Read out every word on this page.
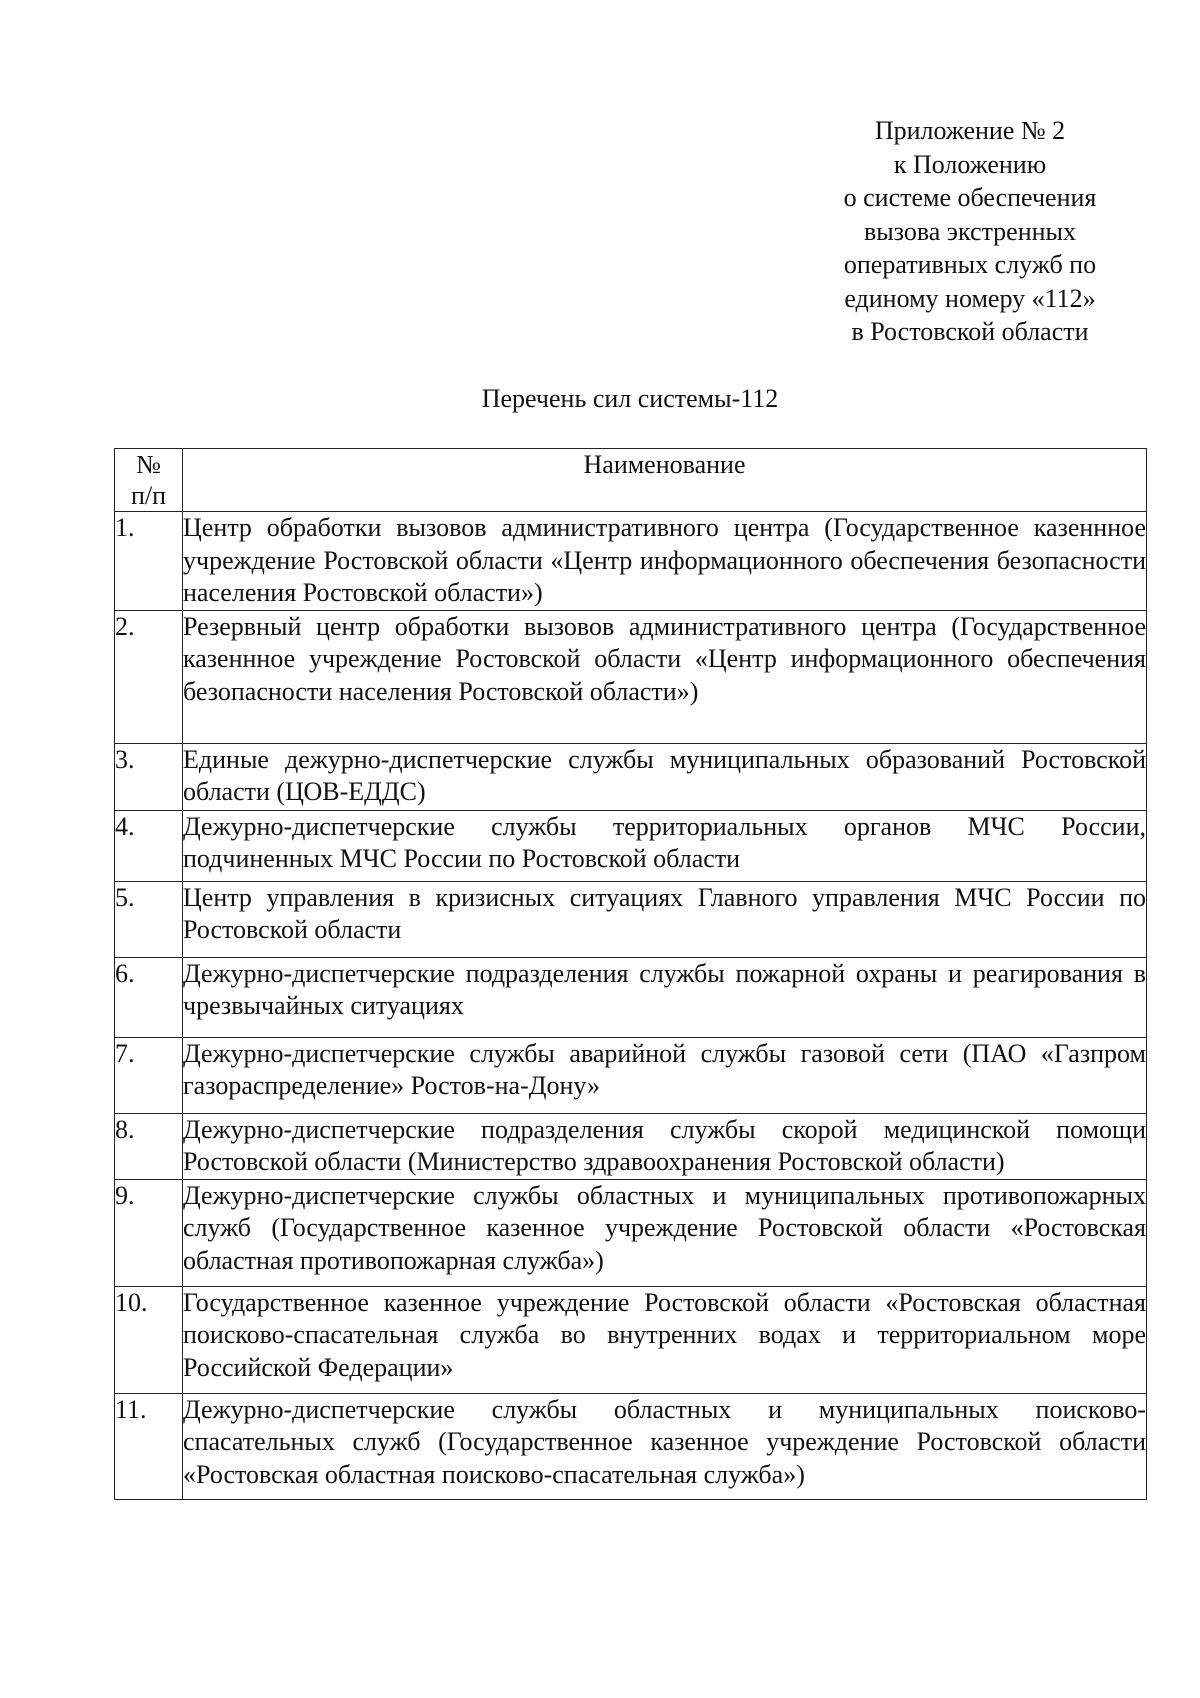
Приложение № 2
к Положению
о системе обеспечения
вызова экстренных
оперативных служб по
единому номеру «112»
в Ростовской области
Перечень сил системы-112
№
п/п	Наименование
1.	Центр обработки вызовов административного центра (Государственное казеннное учреждение Ростовской области «Центр информационного обеспечения безопасности населения Ростовской области»)
2.	Резервный центр обработки вызовов административного центра (Государственное казеннное учреждение Ростовской области «Центр информационного обеспечения безопасности населения Ростовской области»)
3.	Единые дежурно-диспетчерские службы муниципальных образований Ростовской области (ЦОВ-ЕДДС)
4.	Дежурно-диспетчерские службы территориальных органов МЧС России, подчиненных МЧС России по Ростовской области
5.	Центр управления в кризисных ситуациях Главного управления МЧС России по Ростовской области
6.	Дежурно-диспетчерские подразделения службы пожарной охраны и реагирования в чрезвычайных ситуациях
7.	Дежурно-диспетчерские службы аварийной службы газовой сети (ПАО «Газпром газораспределение» Ростов-на-Дону»
8.	Дежурно-диспетчерские подразделения службы скорой медицинской помощи Ростовской области (Министерство здравоохранения Ростовской области)
9.	Дежурно-диспетчерские службы областных и муниципальных противопожарных служб (Государственное казенное учреждение Ростовской области «Ростовская областная противопожарная служба»)
10.	Государственное казенное учреждение Ростовской области «Ростовская областная поисково-спасательная служба во внутренних водах и территориальном море Российской Федерации»
11.	Дежурно-диспетчерские службы областных и муниципальных поисково-спасательных служб (Государственное казенное учреждение Ростовской области «Ростовская областная поисково-спасательная служба»)
